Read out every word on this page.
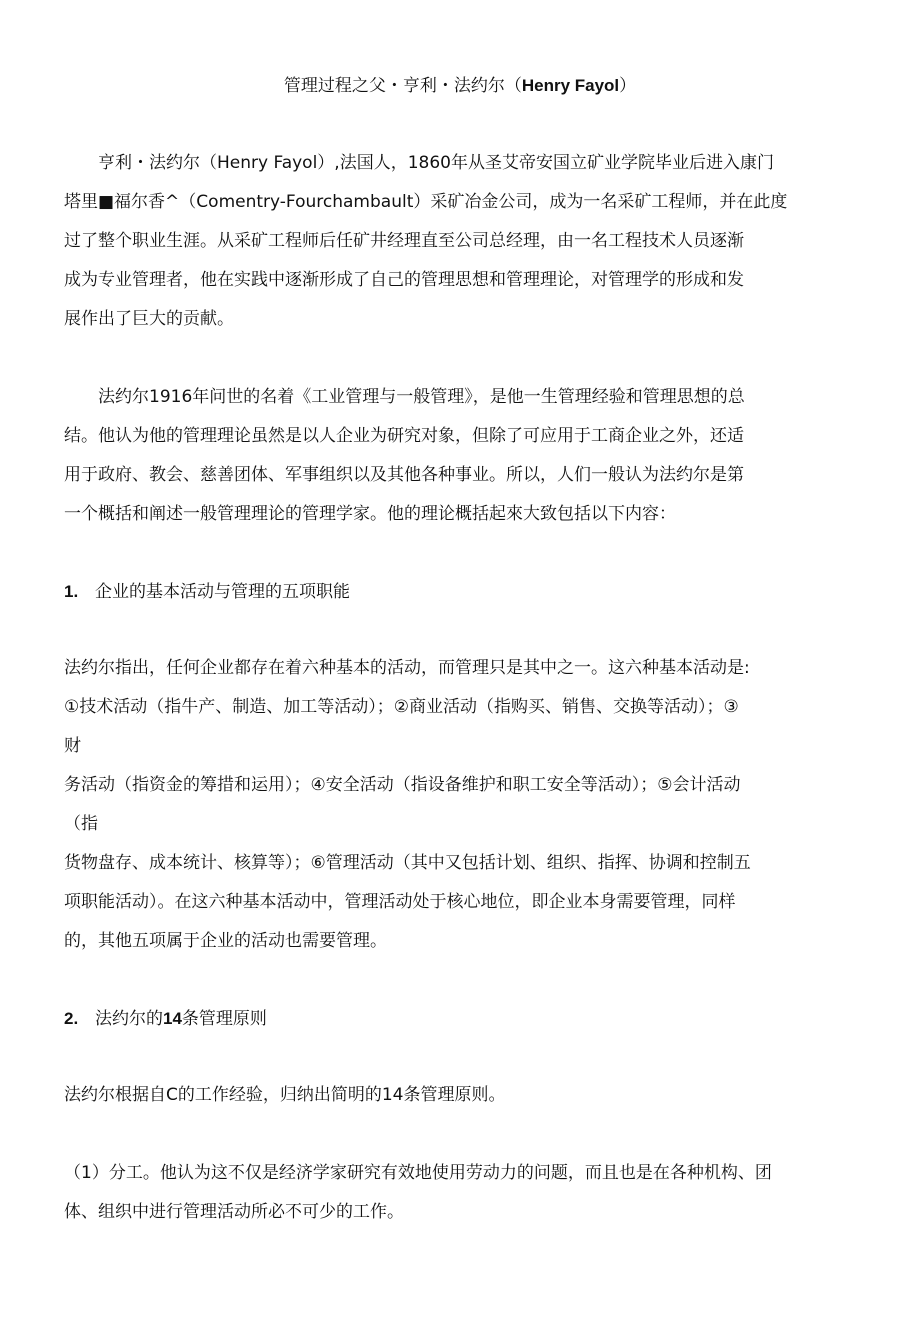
管理过程之父・亨利・法约尔（Henry Fayol）
亨利・法约尔（Henry Fayol）,法国人，1860年从圣艾帝安国立矿业学院毕业后进入康门
塔里■福尔香^（Comentry-Fourchambault）采矿冶金公司，成为一名采矿工程师，并在此度
过了整个职业生涯。从采矿工程师后任矿井经理直至公司总经理，由一名工程技术人员逐渐
成为专业管理者，他在实践中逐渐形成了自己的管理思想和管理理论，对管理学的形成和发
展作出了巨大的贡献。
法约尔1916年问世的名着《工业管理与一般管理》，是他一生管理经验和管理思想的总
结。他认为他的管理理论虽然是以人企业为研究对象，但除了可应用于工商企业之外，还适
用于政府、教会、慈善团体、军事组织以及其他各种事业。所以，人们一般认为法约尔是第
一个概括和阐述一般管理理论的管理学家。他的理论概括起來大致包括以下内容：
1. 企业的基本活动与管理的五项职能
法约尔指出，任何企业都存在着六种基本的活动，而管理只是其中之一。这六种基本活动是:
①技术活动（指牛产、制造、加工等活动）；②商业活动（指购买、销售、交换等活动）；③
财
务活动（指资金的筹措和运用）；④安全活动（指设备维护和职工安全等活动）；⑤会计活动
（指
货物盘存、成本统计、核算等）；⑥管理活动（其中又包括计划、组织、指挥、协调和控制五
项职能活动）。在这六种基本活动中，管理活动处于核心地位，即企业本身需要管理，同样
的，其他五项属于企业的活动也需要管理。
2. 法约尔的14条管理原则
法约尔根据自C的工作经验，归纳出简明的14条管理原则。
（1）分工。他认为这不仅是经济学家研究有效地使用劳动力的问题，而且也是在各种机构、团
体、组织中进行管理活动所必不可少的工作。
